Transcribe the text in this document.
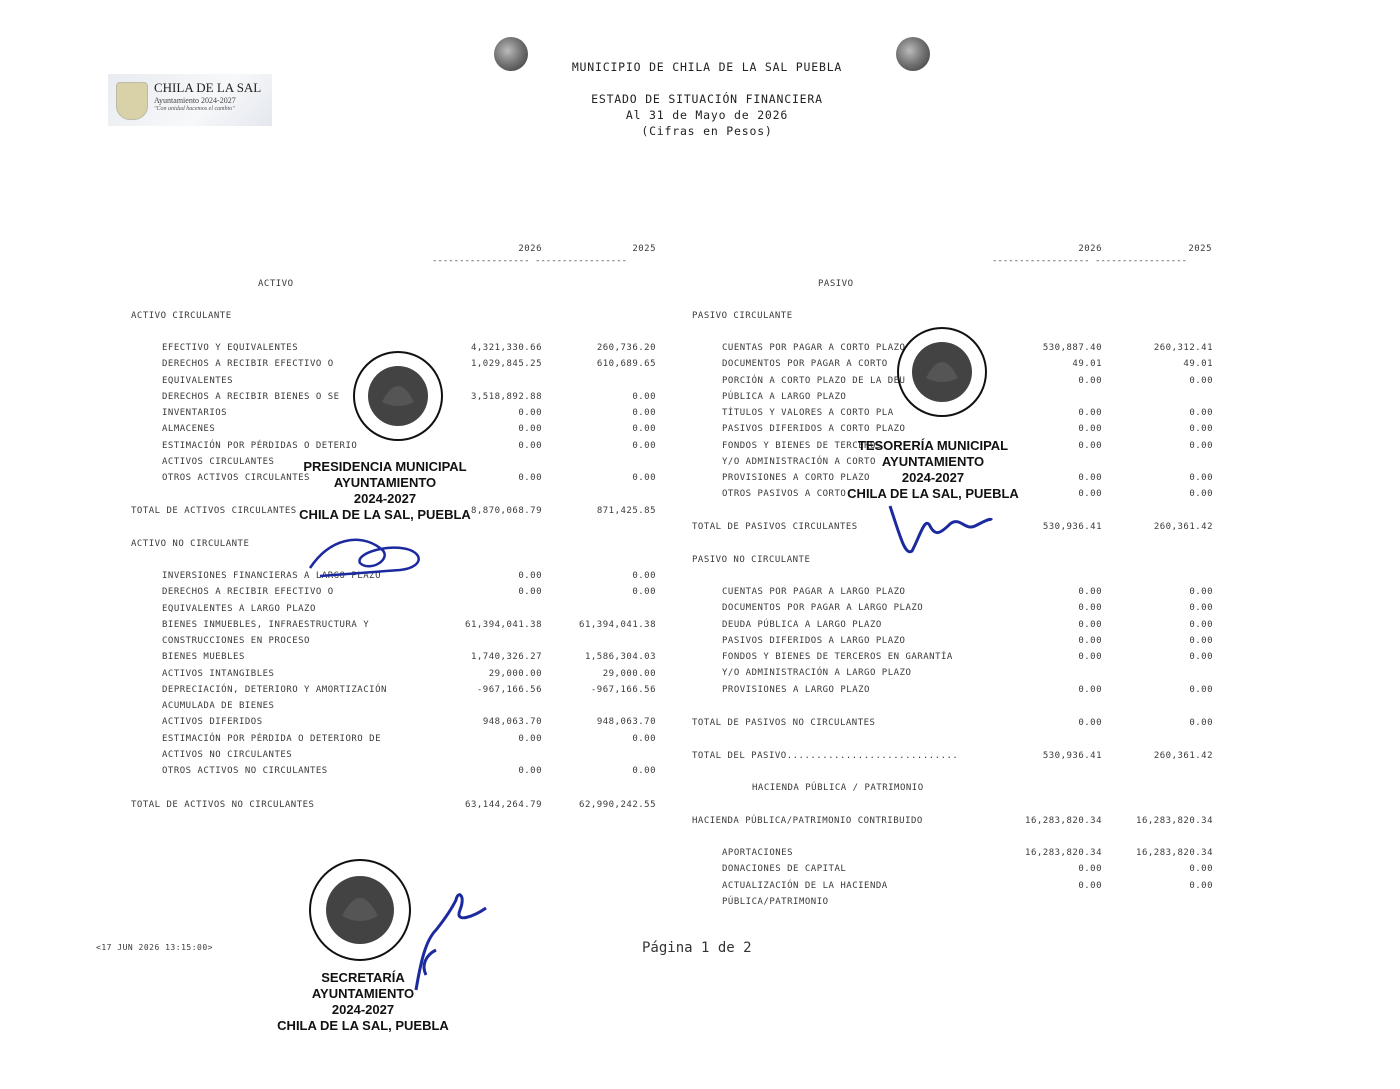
CHILA DE LA SAL
Ayuntamiento 2024-2027
"Con unidad hacemos el cambio"
MUNICIPIO DE CHILA DE LA SAL PUEBLA
ESTADO DE SITUACIÓN FINANCIERA
Al 31 de Mayo de 2026
(Cifras en Pesos)
2026	2025
------------------ -----------------
2026	2025
------------------ -----------------
ACTIVO	PASIVO
ACTIVO CIRCULANTE
EFECTIVO Y EQUIVALENTES	4,321,330.66	260,736.20
DERECHOS A RECIBIR EFECTIVO O	1,029,845.25	610,689.65
EQUIVALENTES
DERECHOS A RECIBIR BIENES O SE	3,518,892.88	0.00
INVENTARIOS	0.00	0.00
ALMACENES	0.00	0.00
ESTIMACIÓN POR PÉRDIDAS O DETERIO	0.00	0.00
ACTIVOS CIRCULANTES
OTROS ACTIVOS CIRCULANTES	0.00	0.00
TOTAL DE ACTIVOS CIRCULANTES	8,870,068.79	871,425.85
ACTIVO NO CIRCULANTE
INVERSIONES FINANCIERAS A LARGO PLAZO	0.00	0.00
DERECHOS A RECIBIR EFECTIVO O	0.00	0.00
EQUIVALENTES A LARGO PLAZO
BIENES INMUEBLES, INFRAESTRUCTURA Y	61,394,041.38	61,394,041.38
CONSTRUCCIONES EN PROCESO
BIENES MUEBLES	1,740,326.27	1,586,304.03
ACTIVOS INTANGIBLES	29,000.00	29,000.00
DEPRECIACIÓN, DETERIORO Y AMORTIZACIÓN	-967,166.56	-967,166.56
ACUMULADA DE BIENES
ACTIVOS DIFERIDOS	948,063.70	948,063.70
ESTIMACIÓN POR PÉRDIDA O DETERIORO DE	0.00	0.00
ACTIVOS NO CIRCULANTES
OTROS ACTIVOS NO CIRCULANTES	0.00	0.00
TOTAL DE ACTIVOS NO CIRCULANTES	63,144,264.79	62,990,242.55
PASIVO CIRCULANTE
CUENTAS POR PAGAR A CORTO PLAZO	530,887.40	260,312.41
DOCUMENTOS POR PAGAR A CORTO	49.01	49.01
PORCIÓN A CORTO PLAZO DE LA DEU	0.00	0.00
PÚBLICA A LARGO PLAZO
TÍTULOS Y VALORES A CORTO PLA	0.00	0.00
PASIVOS DIFERIDOS A CORTO PLAZO	0.00	0.00
FONDOS Y BIENES DE TERCEROS	0.00	0.00
Y/O ADMINISTRACIÓN A CORTO
PROVISIONES A CORTO PLAZO	0.00	0.00
OTROS PASIVOS A CORTO	0.00	0.00
TOTAL DE PASIVOS CIRCULANTES	530,936.41	260,361.42
PASIVO NO CIRCULANTE
CUENTAS POR PAGAR A LARGO PLAZO	0.00	0.00
DOCUMENTOS POR PAGAR A LARGO PLAZO	0.00	0.00
DEUDA PÚBLICA A LARGO PLAZO	0.00	0.00
PASIVOS DIFERIDOS A LARGO PLAZO	0.00	0.00
FONDOS Y BIENES DE TERCEROS EN GARANTÍA	0.00	0.00
Y/O ADMINISTRACIÓN A LARGO PLAZO
PROVISIONES A LARGO PLAZO	0.00	0.00
TOTAL DE PASIVOS NO CIRCULANTES	0.00	0.00
TOTAL DEL PASIVO.............................	530,936.41	260,361.42
HACIENDA PÚBLICA / PATRIMONIO
HACIENDA PÚBLICA/PATRIMONIO CONTRIBUIDO	16,283,820.34	16,283,820.34
APORTACIONES	16,283,820.34	16,283,820.34
DONACIONES DE CAPITAL	0.00	0.00
ACTUALIZACIÓN DE LA HACIENDA	0.00	0.00
PÚBLICA/PATRIMONIO
PRESIDENCIA MUNICIPAL
AYUNTAMIENTO
2024-2027
CHILA DE LA SAL, PUEBLA
TESORERÍA MUNICIPAL
AYUNTAMIENTO
2024-2027
CHILA DE LA SAL, PUEBLA
SECRETARÍA
AYUNTAMIENTO
2024-2027
CHILA DE LA SAL, PUEBLA
<17 JUN 2026 13:15:00>	Página 1 de 2
